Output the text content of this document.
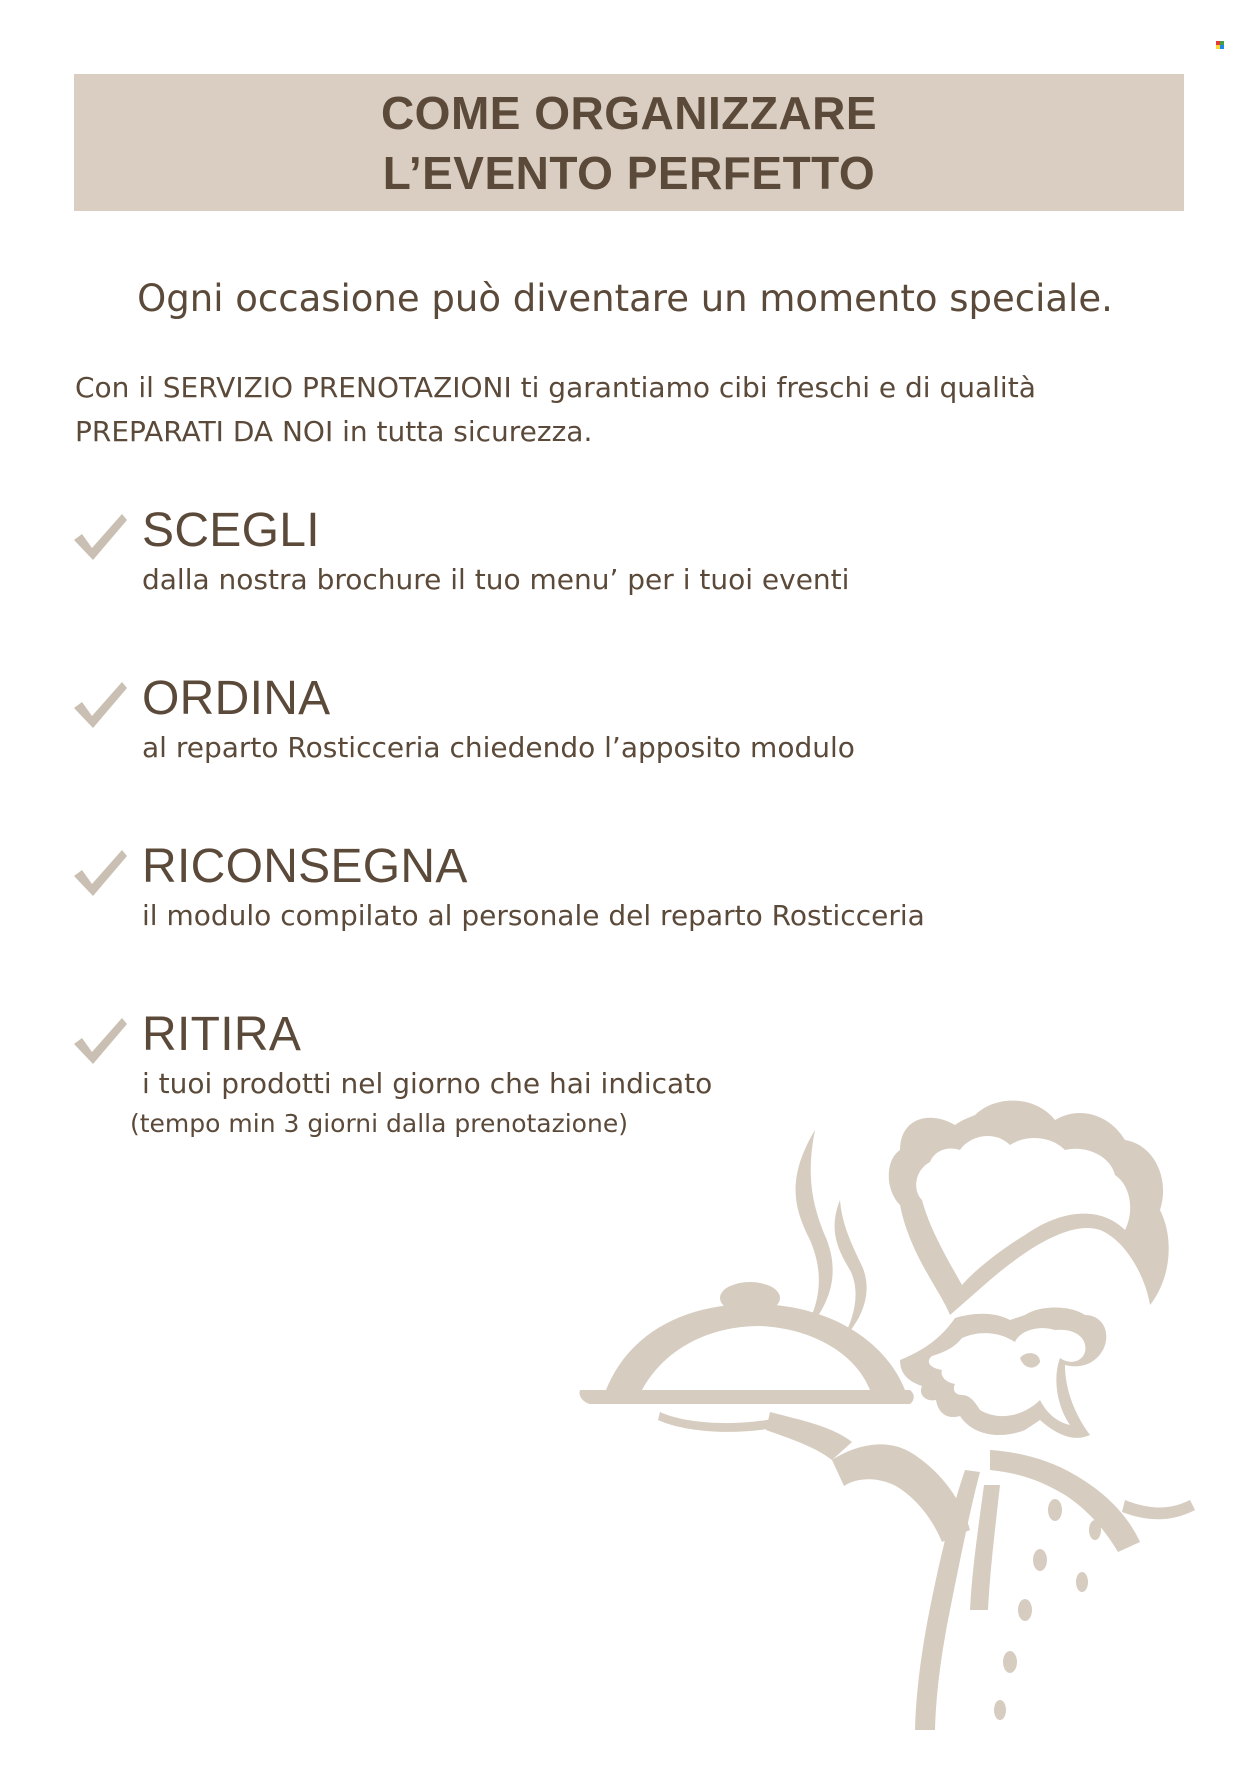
COME ORGANIZZARE
L’EVENTO PERFETTO
Ogni occasione può diventare un momento speciale.
Con il SERVIZIO PRENOTAZIONI ti garantiamo cibi freschi e di qualità
PREPARATI DA NOI in tutta sicurezza.
SCEGLI
dalla nostra brochure il tuo menu’ per i tuoi eventi
ORDINA
al reparto Rosticceria chiedendo l’apposito modulo
RICONSEGNA
il modulo compilato al personale del reparto Rosticceria
RITIRA
i tuoi prodotti nel giorno che hai indicato
(tempo min 3 giorni dalla prenotazione)
